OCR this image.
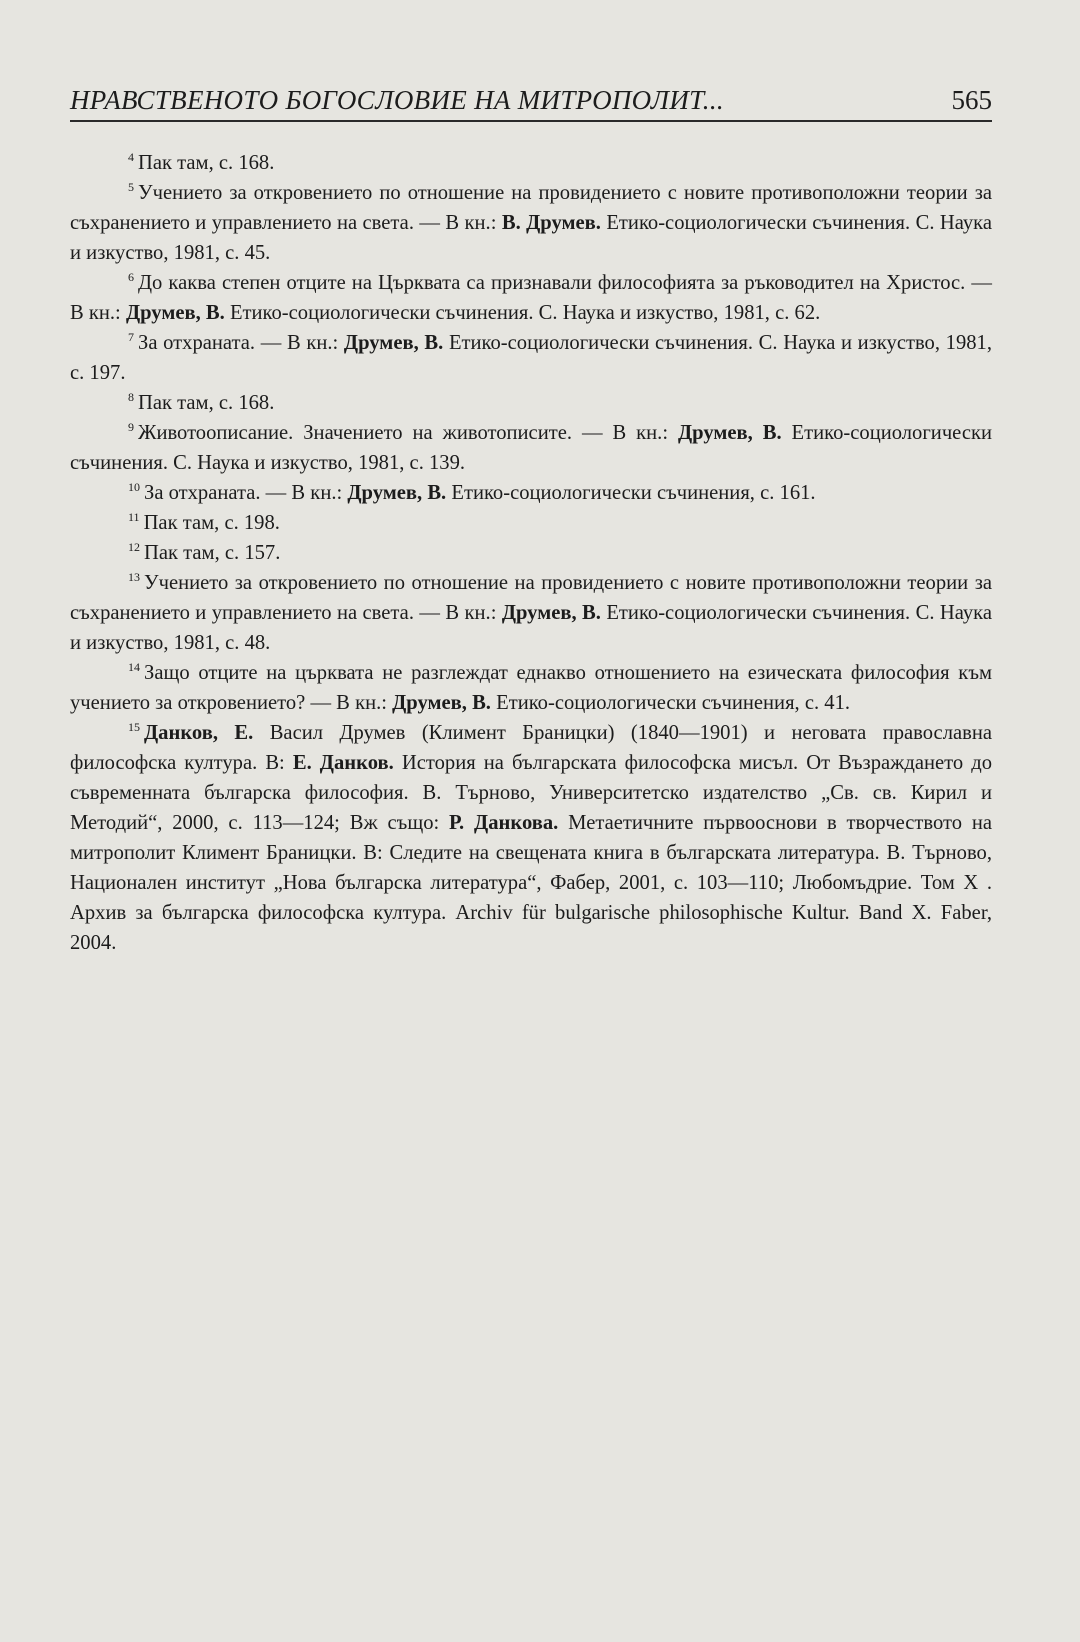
НРАВСТВЕНОТО БОГОСЛОВИЕ НА МИТРОПОЛИТ...	565

$^4$ Пак там, с. 168.

$^5$ Учението за откровението по отношение на провидението с новите противоположни теории за съхранението и управлението на света. — В кн.: В. Друмев. Етико-социологически съчинения. С. Наука и изкуство, 1981, с. 45.

$^6$ До каква степен отците на Църквата са признавали философията за ръководител на Христос. — В кн.: Друмев, В. Етико-социологически съчинения. С. Наука и изкуство, 1981, с. 62.

$^7$ За отхраната. — В кн.: Друмев, В. Етико-социологически съчинения. С. Наука и изкуство, 1981, с. 197.

$^8$ Пак там, с. 168.

$^9$ Животоописание. Значението на животописите. — В кн.: Друмев, В. Етико-социологически съчинения. С. Наука и изкуство, 1981, с. 139.

$^{10}$ За отхраната. — В кн.: Друмев, В. Етико-социологически съчинения, с. 161.

$^{11}$ Пак там, с. 198.

$^{12}$ Пак там, с. 157.

$^{13}$ Учението за откровението по отношение на провидението с новите противоположни теории за съхранението и управлението на света. — В кн.: Друмев, В. Етико-социологически съчинения. С. Наука и изкуство, 1981, с. 48.

$^{14}$ Защо отците на църквата не разглеждат еднакво отношението на езическата философия към учението за откровението? — В кн.: Друмев, В. Етико-социологически съчинения, с. 41.

$^{15}$ Данков, Е. Васил Друмев (Климент Браницки) (1840—1901) и неговата православна философска култура. В: Е. Данков. История на българската философска мисъл. От Възраждането до съвременната българска философия. В. Търново, Университетско издателство „Св. св. Кирил и Методий“, 2000, с. 113—124; Вж също: Р. Данкова. Метаетичните първооснови в творчеството на митрополит Климент Браницки. В: Следите на свещената книга в българската литература. В. Търново, Национален институт „Нова българска литература“, Фабер, 2001, с. 103—110; Любомъдрие. Том Х . Архив за българска философска култура. Archiv für bulgarische philosophische Kultur. Band X. Faber, 2004.
